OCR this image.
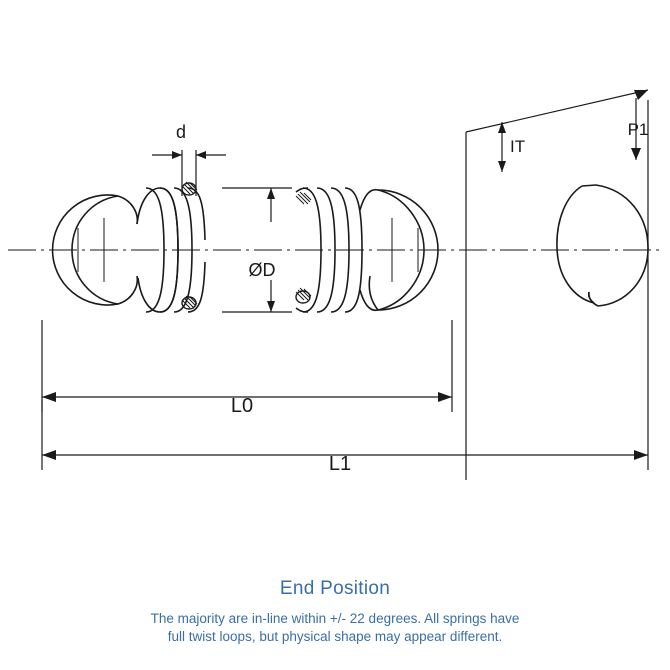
d
ØD
IT
P1
L0
L1
End Position
The majority are in-line within +/- 22 degrees. All springs have
full twist loops, but physical shape may appear different.
